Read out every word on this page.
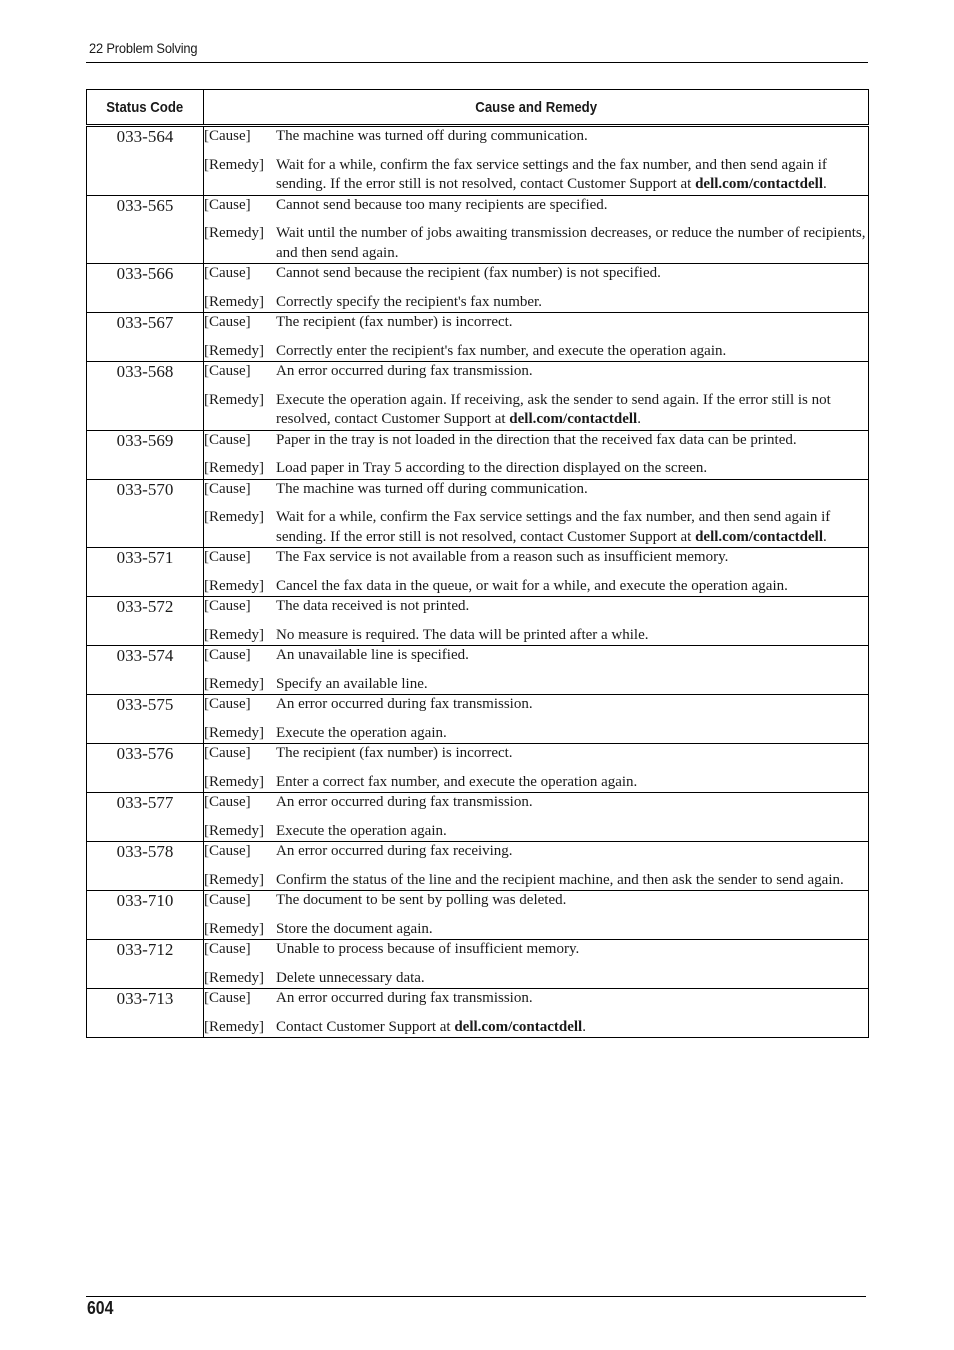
22 Problem Solving
Status Code	Cause and Remedy
033-564	[Cause] The machine was turned off during communication.
[Remedy] Wait for a while, confirm the fax service settings and the fax number, and then send again if sending. If the error still is not resolved, contact Customer Support at dell.com/contactdell.

033-565	[Cause] Cannot send because too many recipients are specified.
[Remedy] Wait until the number of jobs awaiting transmission decreases, or reduce the number of recipients, and then send again.

033-566	[Cause] Cannot send because the recipient (fax number) is not specified.
[Remedy] Correctly specify the recipient's fax number.

033-567	[Cause] The recipient (fax number) is incorrect.
[Remedy] Correctly enter the recipient's fax number, and execute the operation again.

033-568	[Cause] An error occurred during fax transmission.
[Remedy] Execute the operation again. If receiving, ask the sender to send again. If the error still is not resolved, contact Customer Support at dell.com/contactdell.

033-569	[Cause] Paper in the tray is not loaded in the direction that the received fax data can be printed.
[Remedy] Load paper in Tray 5 according to the direction displayed on the screen.

033-570	[Cause] The machine was turned off during communication.
[Remedy] Wait for a while, confirm the Fax service settings and the fax number, and then send again if sending. If the error still is not resolved, contact Customer Support at dell.com/contactdell.

033-571	[Cause] The Fax service is not available from a reason such as insufficient memory.
[Remedy] Cancel the fax data in the queue, or wait for a while, and execute the operation again.

033-572	[Cause] The data received is not printed.
[Remedy] No measure is required. The data will be printed after a while.

033-574	[Cause] An unavailable line is specified.
[Remedy] Specify an available line.

033-575	[Cause] An error occurred during fax transmission.
[Remedy] Execute the operation again.

033-576	[Cause] The recipient (fax number) is incorrect.
[Remedy] Enter a correct fax number, and execute the operation again.

033-577	[Cause] An error occurred during fax transmission.
[Remedy] Execute the operation again.

033-578	[Cause] An error occurred during fax receiving.
[Remedy] Confirm the status of the line and the recipient machine, and then ask the sender to send again.

033-710	[Cause] The document to be sent by polling was deleted.
[Remedy] Store the document again.

033-712	[Cause] Unable to process because of insufficient memory.
[Remedy] Delete unnecessary data.

033-713	[Cause] An error occurred during fax transmission.
[Remedy] Contact Customer Support at dell.com/contactdell.
604
